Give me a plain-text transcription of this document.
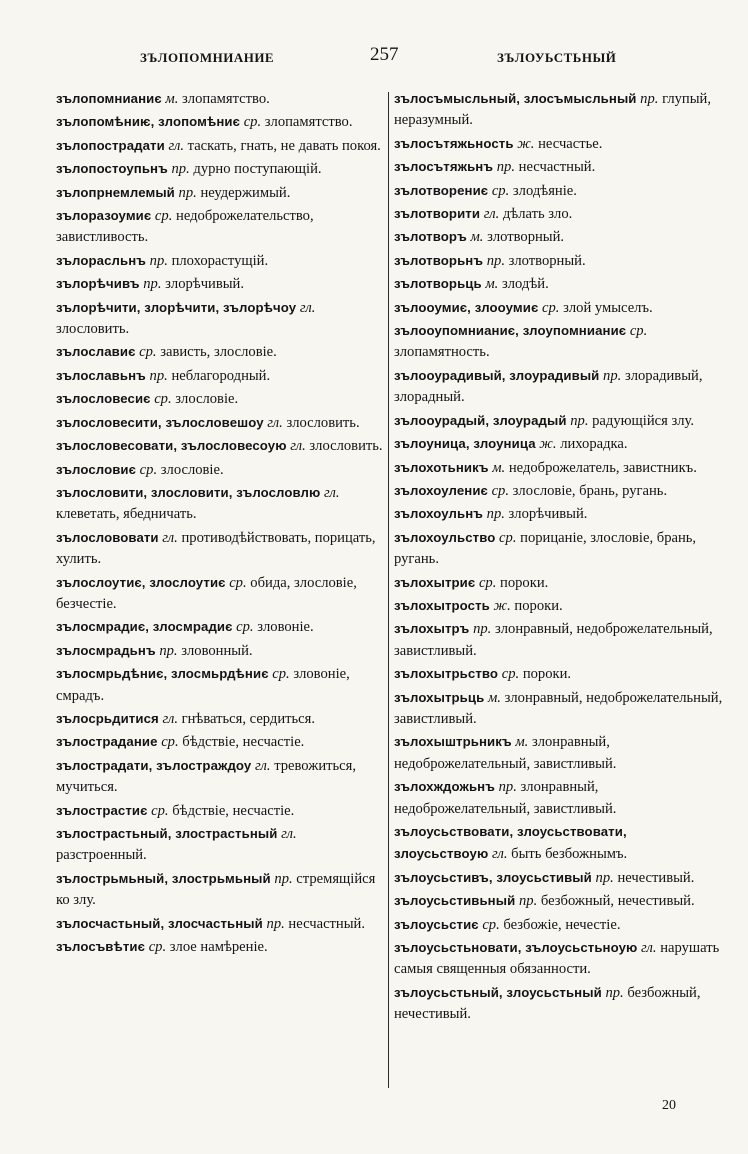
ЗЪЛОПОМНИАНИЕ	257	ЗЪЛОУЬСТЬНЫЙ
зълопомнианиє м. злопамятство.
зълопомѣниѥ, злопомѣниє ср. злопамятство.
зълопострадати гл. таскать, гнать, не давать покоя.
зълопостоупьнъ пр. дурно поступающій.
зълопрнемлемый пр. неудержимый.
зълоразоумиє ср. недоброжелательство, завистливость.
зълорасльнъ пр. плохорастущій.
зълорѣчивъ пр. злорѣчивый.
зълорѣчити, злорѣчити, зълорѣчоу гл. злословить.
зълославиє ср. зависть, злословіе.
зълославьнъ пр. неблагородный.
зълословесиє ср. злословіе.
зълословесити, зълословешоу гл. злословить.
зълословесовати, зълословесоую гл. злословить.
зълословиє ср. злословіе.
зълословити, злословити, зълословлю гл. клеветать, ябедничать.
зълослововати гл. противодѣйствовать, порицать, хулить.
зълослоутиє, злослоутиє ср. обида, злословіе, безчестіе.
зълосмрадиє, злосмрадиє ср. зловоніе.
зълосмрадьнъ пр. зловонный.
зълосмрьдѣниє, злосмьрдѣниє ср. зловоніе, смрадъ.
зълосрьдитися гл. гнѣваться, сердиться.
зълострадание ср. бѣдствіе, несчастіе.
зълострадати, зълостраждоу гл. тревожиться, мучиться.
зълострастиє ср. бѣдствіе, несчастіе.
зълострастьный, злострастьный гл. разстроенный.
зълострьмьный, злострьмьный пр. стремящійся ко злу.
зълосчастьный, злосчастьный пр. несчастный.
зълосъвѣтиє ср. злое намѣреніе.
зълосъмысльный, злосъмысльный пр. глупый, неразумный.
зълосътяжьность ж. несчастье.
зълосътяжьнъ пр. несчастный.
зълотворениє ср. злодѣяніе.
зълотворити гл. дѣлать зло.
зълотворъ м. злотворный.
зълотворьнъ пр. злотворный.
зълотворьць м. злодѣй.
зълооумиє, злооумиє ср. злой умыселъ.
зълооупомнианиє, злоупомнианиє ср. злопамятность.
зълооурадивый, злоурадивый пр. злорадивый, злорадный.
зълооурадый, злоурадый пр. радующійся злу.
зълоуница, злоуница ж. лихорадка.
зълохотьникъ м. недоброжелатель, завистникъ.
зълохоулениє ср. злословіе, брань, ругань.
зълохоульнъ пр. злорѣчивый.
зълохоульство ср. порицаніе, злословіе, брань, ругань.
зълохытриє ср. пороки.
зълохытрость ж. пороки.
зълохытръ пр. злонравный, недоброжелательный, завистливый.
зълохытрьство ср. пороки.
зълохытрьць м. злонравный, недоброжелательный, завистливый.
зълохыштрьникъ м. злонравный, недоброжелательный, завистливый.
зълохждожьнъ пр. злонравный, недоброжелательный, завистливый.
зълоусьствовати, злоусьствовати, злоусьствоую гл. быть безбожнымъ.
зълоусьстивъ, злоусьстивый пр. нечестивый.
зълоусьстивьный пр. безбожный, нечестивый.
зълоусьстиє ср. безбожіе, нечестіе.
зълоусьстьновати, зълоусьстьноую гл. нарушать самыя священныя обязанности.
зълоусьстьный, злоусьстьный пр. безбожный, нечестивый.
20
